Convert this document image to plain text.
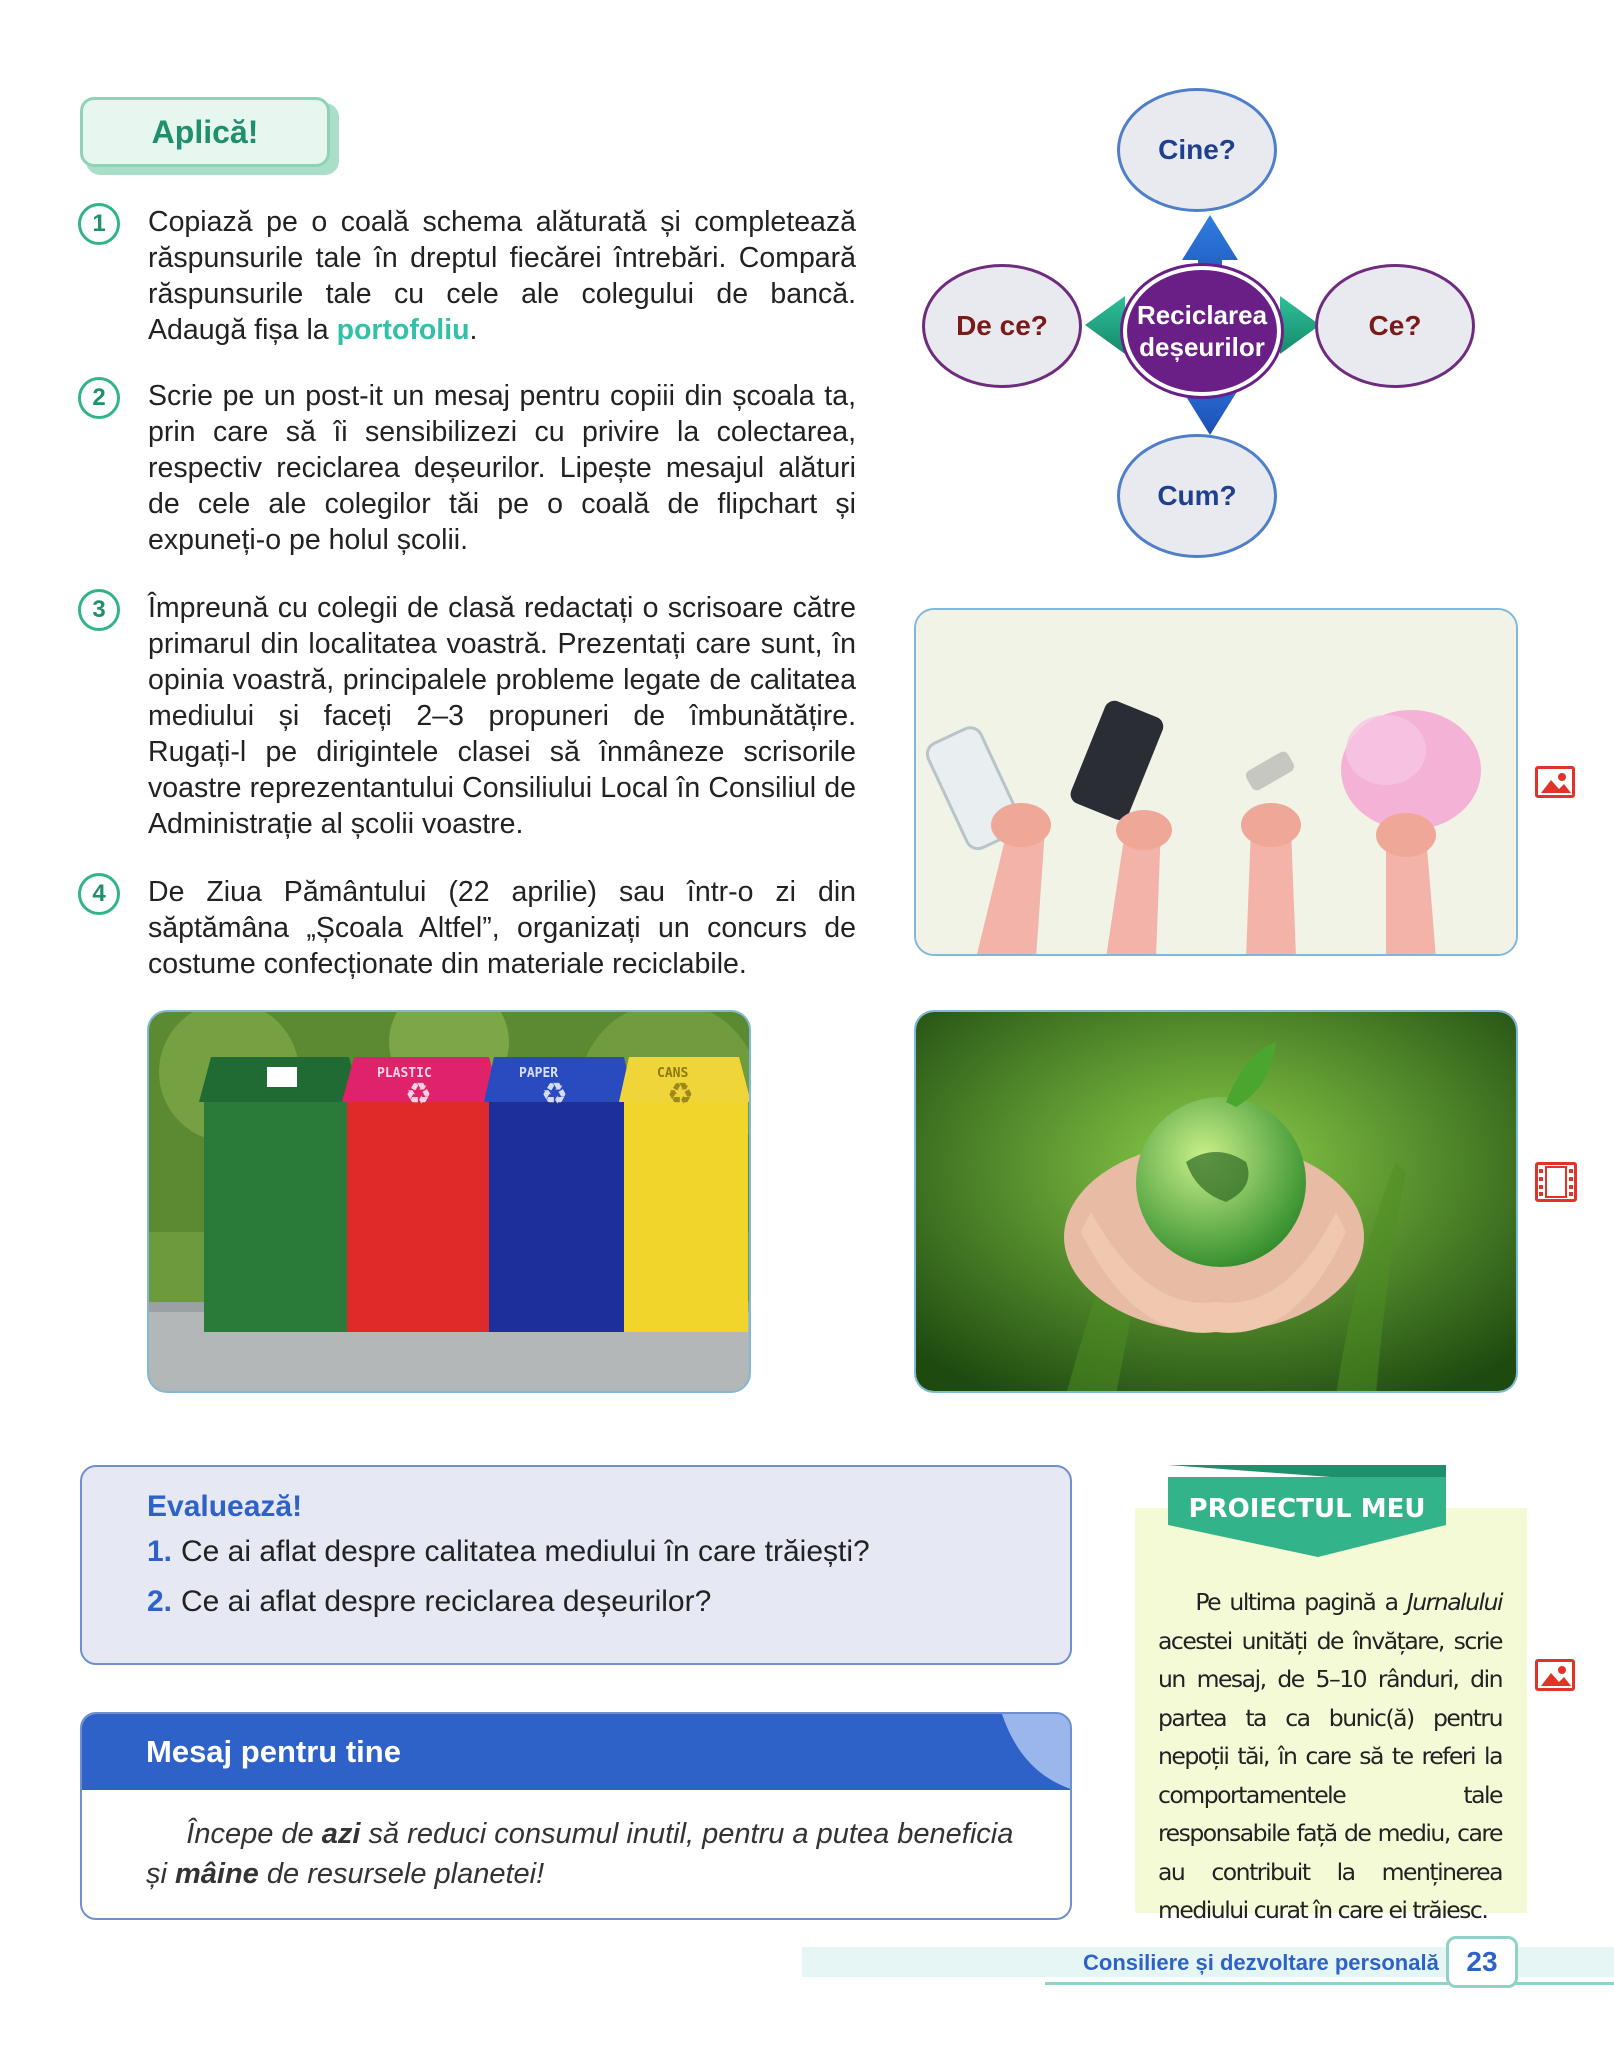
Aplică!
1	Copiază pe o coală schema alăturată și completează răspunsurile tale în dreptul fiecărei întrebări. Compară răspunsurile tale cu cele ale colegului de bancă. Adaugă fișa la portofoliu.
2	Scrie pe un post-it un mesaj pentru copiii din școala ta, prin care să îi sensibilizezi cu privire la colectarea, respectiv reciclarea deșeurilor. Lipește mesajul alături de cele ale colegilor tăi pe o coală de flipchart și expuneți-o pe holul școlii.
3	Împreună cu colegii de clasă redactați o scrisoare către primarul din localitatea voastră. Prezentați care sunt, în opinia voastră, principalele probleme legate de calitatea mediului și faceți 2–3 propuneri de îmbunătățire. Rugați-l pe dirigintele clasei să înmâneze scrisorile voastre reprezentantului Consiliului Local în Consiliul de Administrație al școlii voastre.
4	De Ziua Pământului (22 aprilie) sau într-o zi din săptămâna „Școala Altfel”, organizați un concurs de costume confecționate din materiale reciclabile.
Cine?
De ce?	Ce?
Cum?
Reciclarea
deșeurilor
PLASTIC	PAPER	CANS
♻	♻	♻
Evaluează!
1. Ce ai aflat despre calitatea mediului în care trăiești?
2. Ce ai aflat despre reciclarea deșeurilor?
Mesaj pentru tine
Începe de azi să reduci consumul inutil, pentru a putea beneficia și mâine de resursele planetei!
PROIECTUL MEU
Pe ultima pagină a Jurnalului acestei unități de învățare, scrie un mesaj, de 5–10 rânduri, din partea ta ca bunic(ă) pentru nepoții tăi, în care să te referi la comportamentele tale responsabile față de mediu, care au contribuit la menținerea mediului curat în care ei trăiesc.
Consiliere și dezvoltare personală 23
